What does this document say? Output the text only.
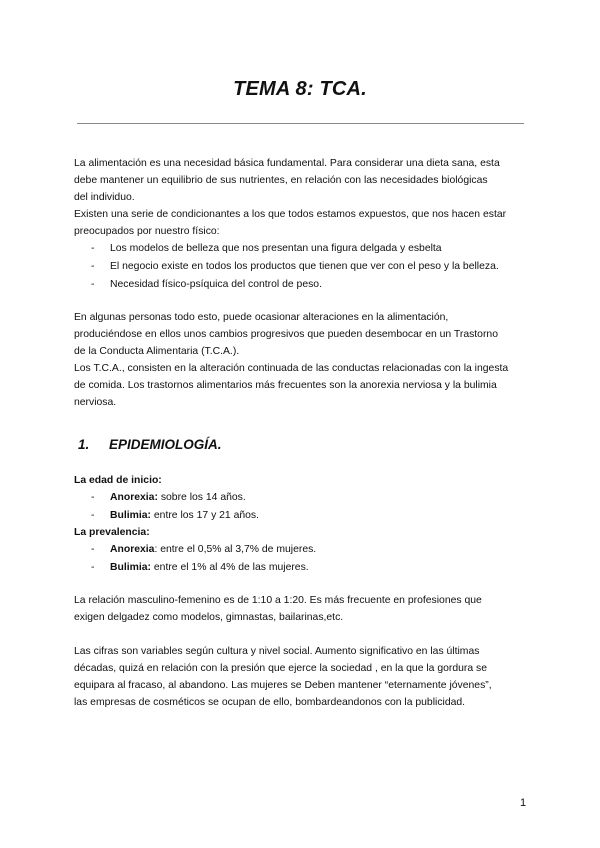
TEMA 8: TCA.
La alimentación es una necesidad básica fundamental. Para considerar una dieta sana, esta
debe mantener un equilibrio de sus nutrientes, en relación con las necesidades biológicas
del individuo.
Existen una serie de condicionantes a los que todos estamos expuestos, que nos hacen estar
preocupados por nuestro físico:
- Los modelos de belleza que nos presentan una figura delgada y esbelta
- El negocio existe en todos los productos que tienen que ver con el peso y la belleza.
- Necesidad físico-psíquica del control de peso.
En algunas personas todo esto, puede ocasionar alteraciones en la alimentación,
produciéndose en ellos unos cambios progresivos que pueden desembocar en un Trastorno
de la Conducta Alimentaria (T.C.A.).
Los T.C.A., consisten en la alteración continuada de las conductas relacionadas con la ingesta
de comida. Los trastornos alimentarios más frecuentes son la anorexia nerviosa y la bulimia
nerviosa.
1. EPIDEMIOLOGÍA.
La edad de inicio:
- Anorexia: sobre los 14 años.
- Bulimia: entre los 17 y 21 años.
La prevalencia:
- Anorexia: entre el 0,5% al 3,7% de mujeres.
- Bulimia: entre el 1% al 4% de las mujeres.
La relación masculino-femenino es de 1:10 a 1:20. Es más frecuente en profesiones que
exigen delgadez como modelos, gimnastas, bailarinas,etc.
Las cifras son variables según cultura y nivel social. Aumento significativo en las últimas
décadas, quizá en relación con la presión que ejerce la sociedad , en la que la gordura se
equipara al fracaso, al abandono. Las mujeres se Deben mantener “eternamente jóvenes”,
las empresas de cosméticos se ocupan de ello, bombardeandonos con la publicidad.
1
